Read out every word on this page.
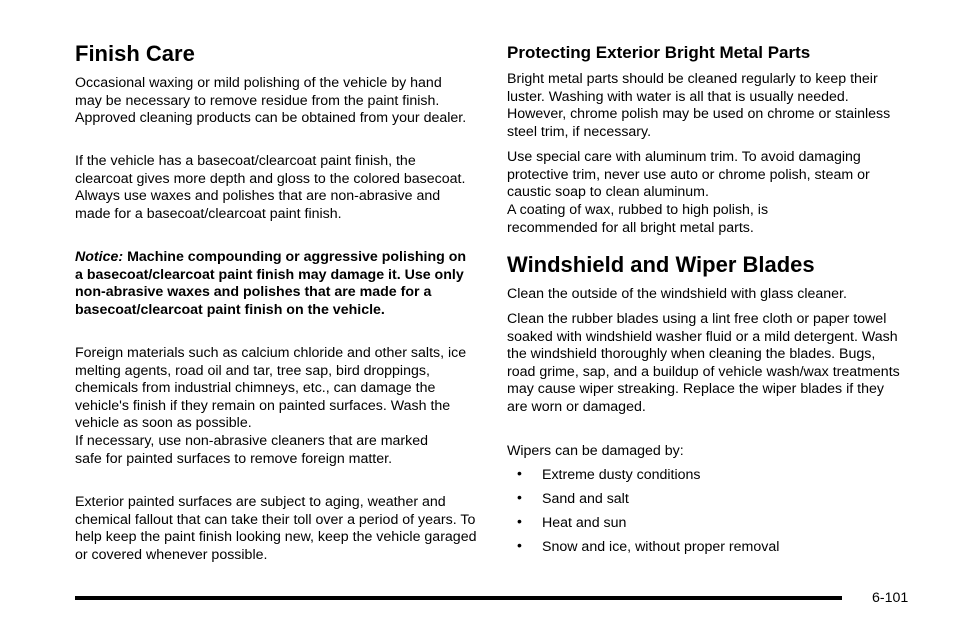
Finish Care

Occasional waxing or mild polishing of the vehicle by hand may be necessary to remove residue from the paint finish. Approved cleaning products can be obtained from your dealer.

If the vehicle has a basecoat/clearcoat paint finish, the clearcoat gives more depth and gloss to the colored basecoat. Always use waxes and polishes that are non-abrasive and made for a basecoat/clearcoat paint finish.

Notice: Machine compounding or aggressive polishing on a basecoat/clearcoat paint finish may damage it. Use only non-abrasive waxes and polishes that are made for a basecoat/clearcoat paint finish on the vehicle.

Foreign materials such as calcium chloride and other salts, ice melting agents, road oil and tar, tree sap, bird droppings, chemicals from industrial chimneys, etc., can damage the vehicle's finish if they remain on painted surfaces. Wash the vehicle as soon as possible.

If necessary, use non-abrasive cleaners that are marked safe for painted surfaces to remove foreign matter.

Exterior painted surfaces are subject to aging, weather and chemical fallout that can take their toll over a period of years. To help keep the paint finish looking new, keep the vehicle garaged or covered whenever possible.

Protecting Exterior Bright Metal Parts

Bright metal parts should be cleaned regularly to keep their luster. Washing with water is all that is usually needed. However, chrome polish may be used on chrome or stainless steel trim, if necessary.

Use special care with aluminum trim. To avoid damaging protective trim, never use auto or chrome polish, steam or caustic soap to clean aluminum.

A coating of wax, rubbed to high polish, is recommended for all bright metal parts.

Windshield and Wiper Blades

Clean the outside of the windshield with glass cleaner.

Clean the rubber blades using a lint free cloth or paper towel soaked with windshield washer fluid or a mild detergent. Wash the windshield thoroughly when cleaning the blades. Bugs, road grime, sap, and a buildup of vehicle wash/wax treatments may cause wiper streaking. Replace the wiper blades if they are worn or damaged.

Wipers can be damaged by:

• Extreme dusty conditions
• Sand and salt
• Heat and sun
• Snow and ice, without proper removal
6-101
